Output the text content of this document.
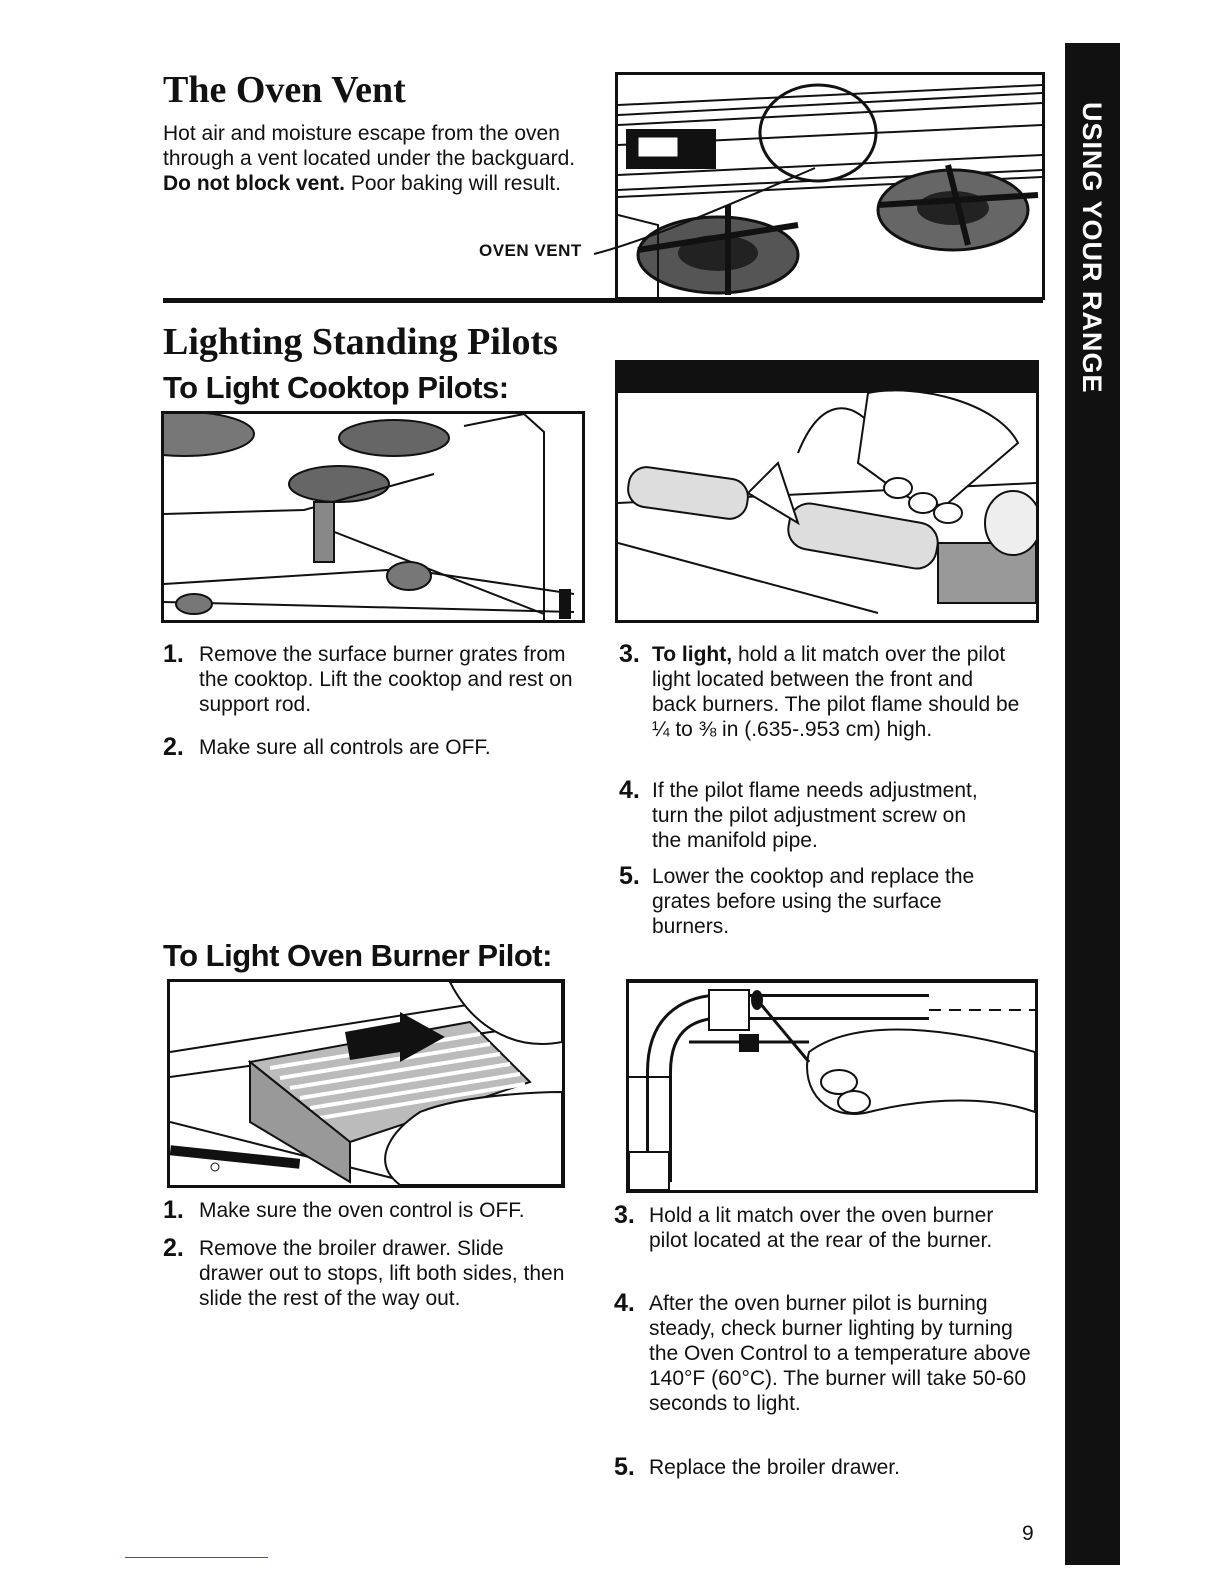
USING YOUR RANGE
The Oven Vent
Hot air and moisture escape from the oven through a vent located under the backguard. Do not block vent. Poor baking will result.
OVEN VENT
Lighting Standing Pilots
To Light Cooktop Pilots:
1. Remove the surface burner grates from the cooktop. Lift the cooktop and rest on support rod.
2. Make sure all controls are OFF.
3. To light, hold a lit match over the pilot light located between the front and back burners. The pilot flame should be ¼ to ⅜ in (.635-.953 cm) high.
4. If the pilot flame needs adjustment, turn the pilot adjustment screw on the manifold pipe.
5. Lower the cooktop and replace the grates before using the surface burners.
To Light Oven Burner Pilot:
1. Make sure the oven control is OFF.
2. Remove the broiler drawer. Slide drawer out to stops, lift both sides, then slide the rest of the way out.
3. Hold a lit match over the oven burner pilot located at the rear of the burner.
4. After the oven burner pilot is burning steady, check burner lighting by turning the Oven Control to a temperature above 140°F (60°C). The burner will take 50-60 seconds to light.
5. Replace the broiler drawer.
9
